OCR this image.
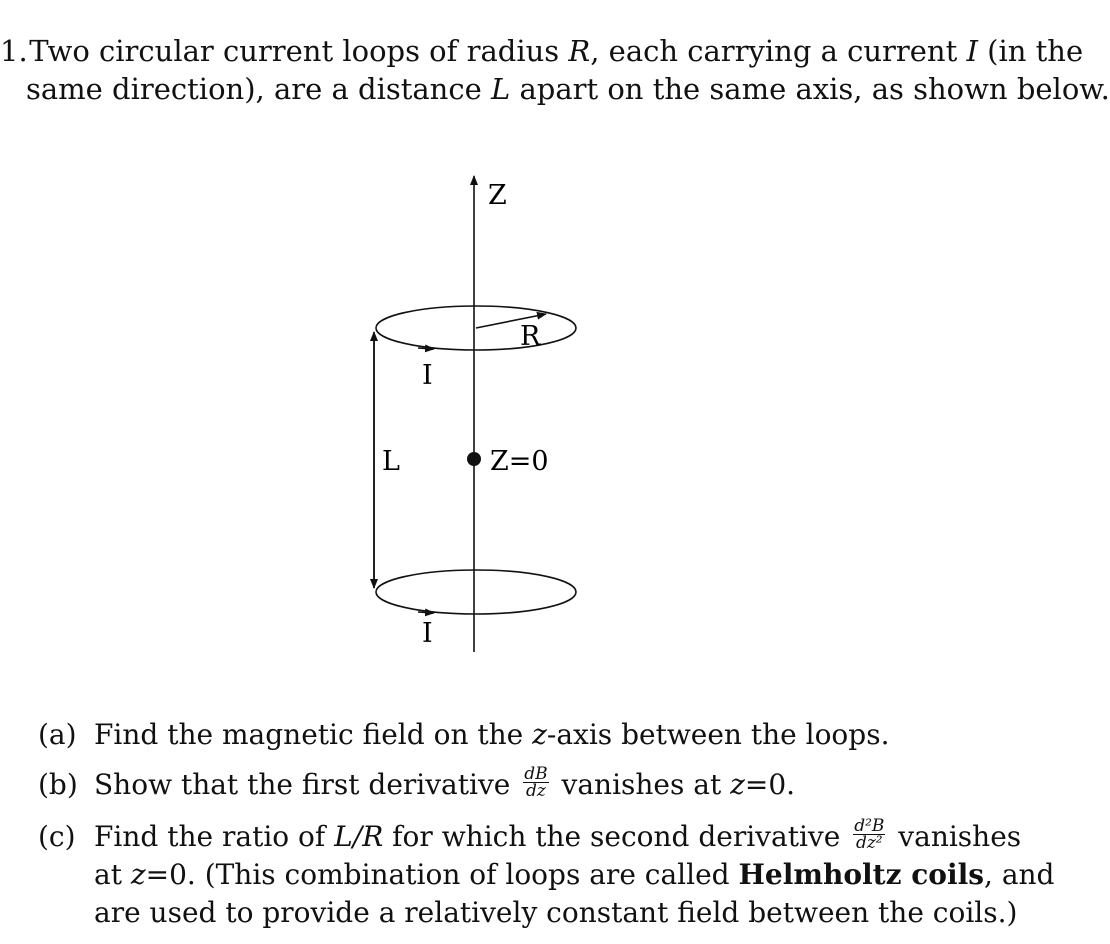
1. Two circular current loops of radius R, each carrying a current I (in the
same direction), are a distance L apart on the same axis, as shown below.
Z
R
I
L	Z=0
I
(a) Find the magnetic field on the z-axis between the loops.
(b) Show that the first derivative $\frac{dB}{dz}$ vanishes at z=0.
(c) Find the ratio of L/R for which the second derivative $\frac{\text{d²B}}{\text{dz²}}$ vanishes
at z=0. (This combination of loops are called Helmholtz coils, and
are used to provide a relatively constant field between the coils.)
